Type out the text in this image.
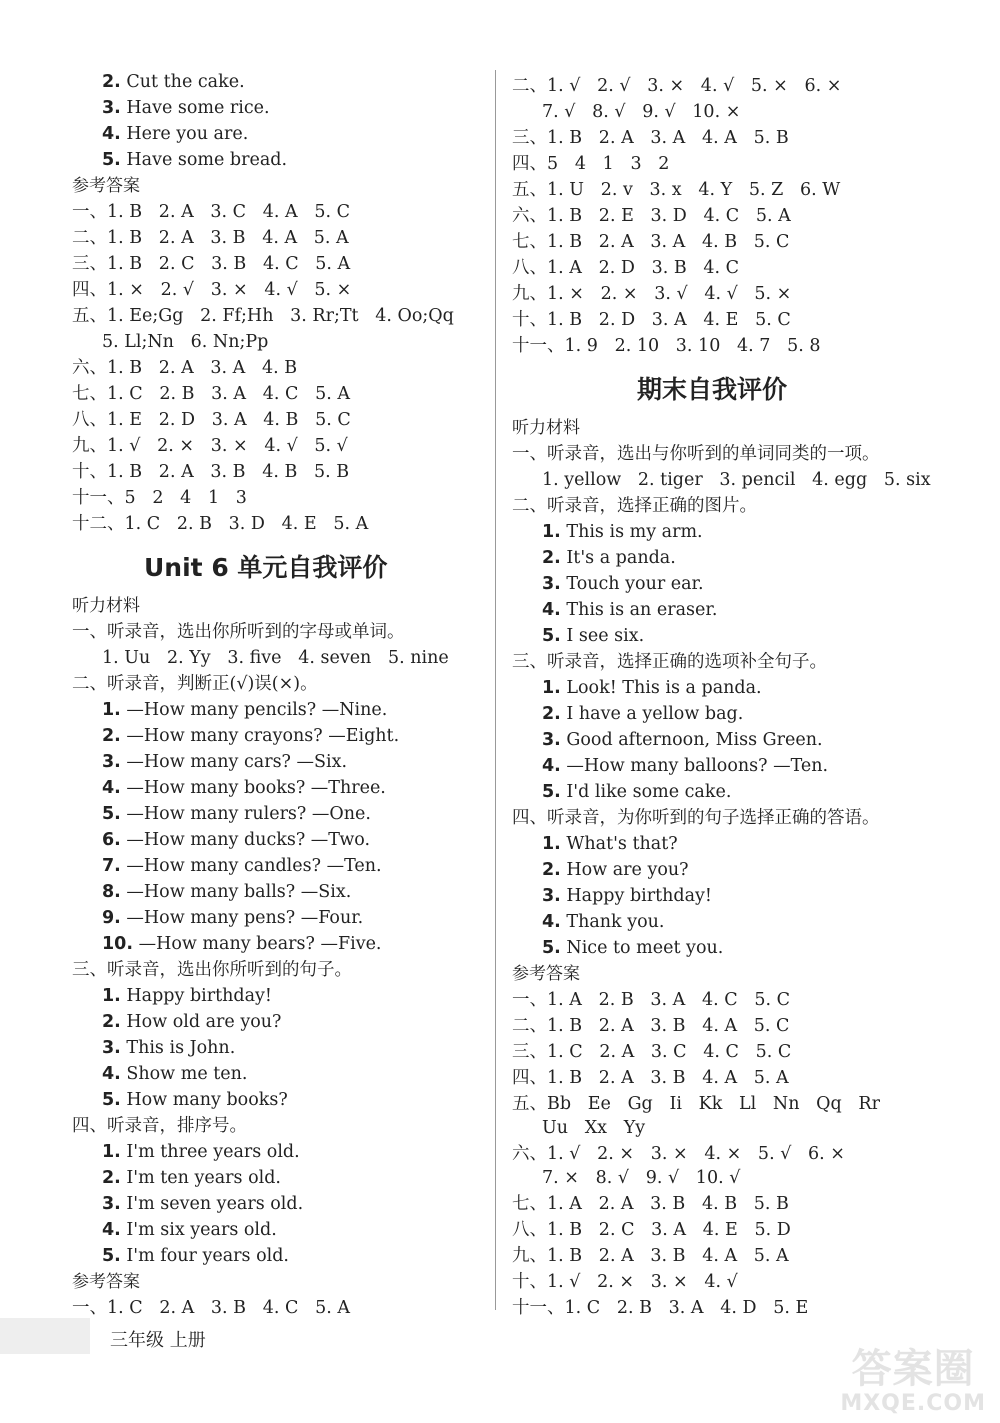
Unit 6 单元自我评价
2. Cut the cake.
3. Have some rice.
4. Here you are.
5. Have some bread.
参考答案
一、1. B   2. A   3. C   4. A   5. C
二、1. B   2. A   3. B   4. A   5. A
三、1. B   2. C   3. B   4. C   5. A
四、1. ×   2. √   3. ×   4. √   5. ×
五、1. Ee;Gg   2. Ff;Hh   3. Rr;Tt   4. Oo;Qq
5. Ll;Nn   6. Nn;Pp
六、1. B   2. A   3. A   4. B
七、1. C   2. B   3. A   4. C   5. A
八、1. E   2. D   3. A   4. B   5. C
九、1. √   2. ×   3. ×   4. √   5. √
十、1. B   2. A   3. B   4. B   5. B
十一、5   2   4   1   3
十二、1. C   2. B   3. D   4. E   5. A
听力材料
一、听录音，选出你所听到的字母或单词。
1. Uu   2. Yy   3. five   4. seven   5. nine
二、听录音，判断正(√)误(×)。
1. —How many pencils? —Nine.
2. —How many crayons? —Eight.
3. —How many cars? —Six.
4. —How many books? —Three.
5. —How many rulers? —One.
6. —How many ducks? —Two.
7. —How many candles? —Ten.
8. —How many balls? —Six.
9. —How many pens? —Four.
10. —How many bears? —Five.
三、听录音，选出你所听到的句子。
1. Happy birthday!
2. How old are you?
3. This is John.
4. Show me ten.
5. How many books?
四、听录音，排序号。
1. I'm three years old.
2. I'm ten years old.
3. I'm seven years old.
4. I'm six years old.
5. I'm four years old.
参考答案
一、1. C   2. A   3. B   4. C   5. A
期末自我评价
二、1. √   2. √   3. ×   4. √   5. ×   6. ×
7. √   8. √   9. √   10. ×
三、1. B   2. A   3. A   4. A   5. B
四、5   4   1   3   2
五、1. U   2. v   3. x   4. Y   5. Z   6. W
六、1. B   2. E   3. D   4. C   5. A
七、1. B   2. A   3. A   4. B   5. C
八、1. A   2. D   3. B   4. C
九、1. ×   2. ×   3. √   4. √   5. ×
十、1. B   2. D   3. A   4. E   5. C
十一、1. 9   2. 10   3. 10   4. 7   5. 8
听力材料
一、听录音，选出与你听到的单词同类的一项。
1. yellow   2. tiger   3. pencil   4. egg   5. six
二、听录音，选择正确的图片。
1. This is my arm.
2. It's a panda.
3. Touch your ear.
4. This is an eraser.
5. I see six.
三、听录音，选择正确的选项补全句子。
1. Look! This is a panda.
2. I have a yellow bag.
3. Good afternoon, Miss Green.
4. —How many balloons? —Ten.
5. I'd like some cake.
四、听录音，为你听到的句子选择正确的答语。
1. What's that?
2. How are you?
3. Happy birthday!
4. Thank you.
5. Nice to meet you.
参考答案
一、1. A   2. B   3. A   4. C   5. C
二、1. B   2. A   3. B   4. A   5. C
三、1. C   2. A   3. C   4. C   5. C
四、1. B   2. A   3. B   4. A   5. A
五、Bb   Ee   Gg   Ii   Kk   Ll   Nn   Qq   Rr
Uu   Xx   Yy
六、1. √   2. ×   3. ×   4. ×   5. √   6. ×
7. ×   8. √   9. √   10. √
七、1. A   2. A   3. B   4. B   5. B
八、1. B   2. C   3. A   4. E   5. D
九、1. B   2. A   3. B   4. A   5. A
十、1. √   2. ×   3. ×   4. √
十一、1. C   2. B   3. A   4. D   5. E
三年级 上册
答案圈
MXQE.COM
